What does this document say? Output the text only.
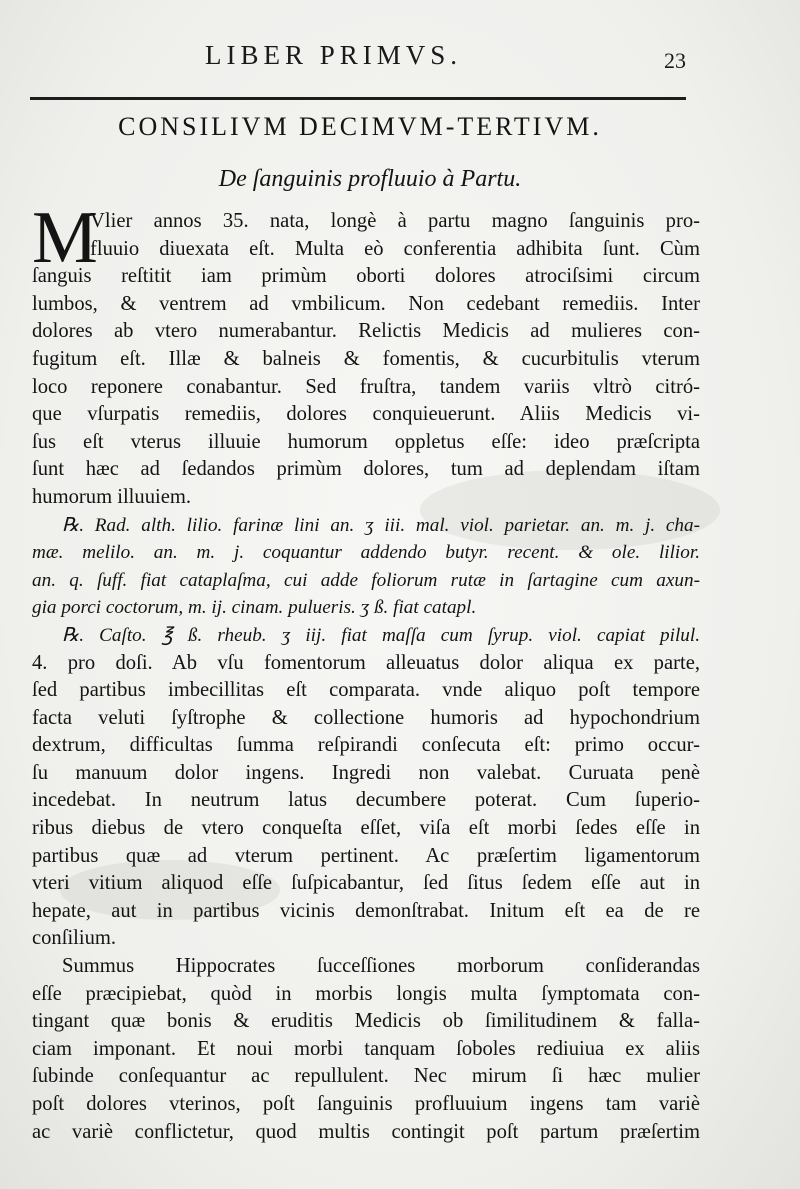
LIBER PRIMVS.	23
CONSILIVM DECIMVM-TERTIVM.
De ſanguinis profluuio à Partu.
M
Vlier annos 35. nata, longè à partu magno ſanguinis pro-
fluuio diuexata eſt. Multa eò conferentia adhibita ſunt. Cùm
ſanguis reſtitit iam primùm oborti dolores atrociſsimi circum
lumbos, & ventrem ad vmbilicum. Non cedebant remediis. Inter
dolores ab vtero numerabantur. Relictis Medicis ad mulieres con-
fugitum eſt. Illæ & balneis & fomentis, & cucurbitulis vterum
loco reponere conabantur. Sed fruſtra, tandem variis vltrò citró-
que vſurpatis remediis, dolores conquieuerunt. Aliis Medicis vi-
ſus eſt vterus illuuie humorum oppletus eſſe: ideo præſcripta
ſunt hæc ad ſedandos primùm dolores, tum ad deplendam iſtam
humorum illuuiem.
℞. Rad. alth. lilio. farinæ lini an. ʒ iii. mal. viol. parietar. an. m. j. cha-
mæ. melilo. an. m. j. coquantur addendo butyr. recent. & ole. lilior.
an. q. ſuff. fiat cataplaſma, cui adde foliorum rutæ in ſartagine cum axun-
gia porci coctorum, m. ij. cinam. pulueris. ʒ ß. fiat catapl.
℞. Caſto. ℥ ß. rheub. ʒ iij. fiat maſſa cum ſyrup. viol. capiat pilul.
4. pro doſi. Ab vſu fomentorum alleuatus dolor aliqua ex parte,
ſed partibus imbecillitas eſt comparata. vnde aliquo poſt tempore
facta veluti ſyſtrophe & collectione humoris ad hypochondrium
dextrum, difficultas ſumma reſpirandi conſecuta eſt: primo occur-
ſu manuum dolor ingens. Ingredi non valebat. Curuata penè
incedebat. In neutrum latus decumbere poterat. Cum ſuperio-
ribus diebus de vtero conqueſta eſſet, viſa eſt morbi ſedes eſſe in
partibus quæ ad vterum pertinent. Ac præſertim ligamentorum
vteri vitium aliquod eſſe ſuſpicabantur, ſed ſitus ſedem eſſe aut in
hepate, aut in partibus vicinis demonſtrabat. Initum eſt ea de re
conſilium.
Summus Hippocrates ſucceſſiones morborum conſiderandas
eſſe præcipiebat, quòd in morbis longis multa ſymptomata con-
tingant quæ bonis & eruditis Medicis ob ſimilitudinem & falla-
ciam imponant. Et noui morbi tanquam ſoboles rediuiua ex aliis
ſubinde conſequantur ac repullulent. Nec mirum ſi hæc mulier
poſt dolores vterinos, poſt ſanguinis profluuium ingens tam variè
ac variè conflictetur, quod multis contingit poſt partum præſertim
